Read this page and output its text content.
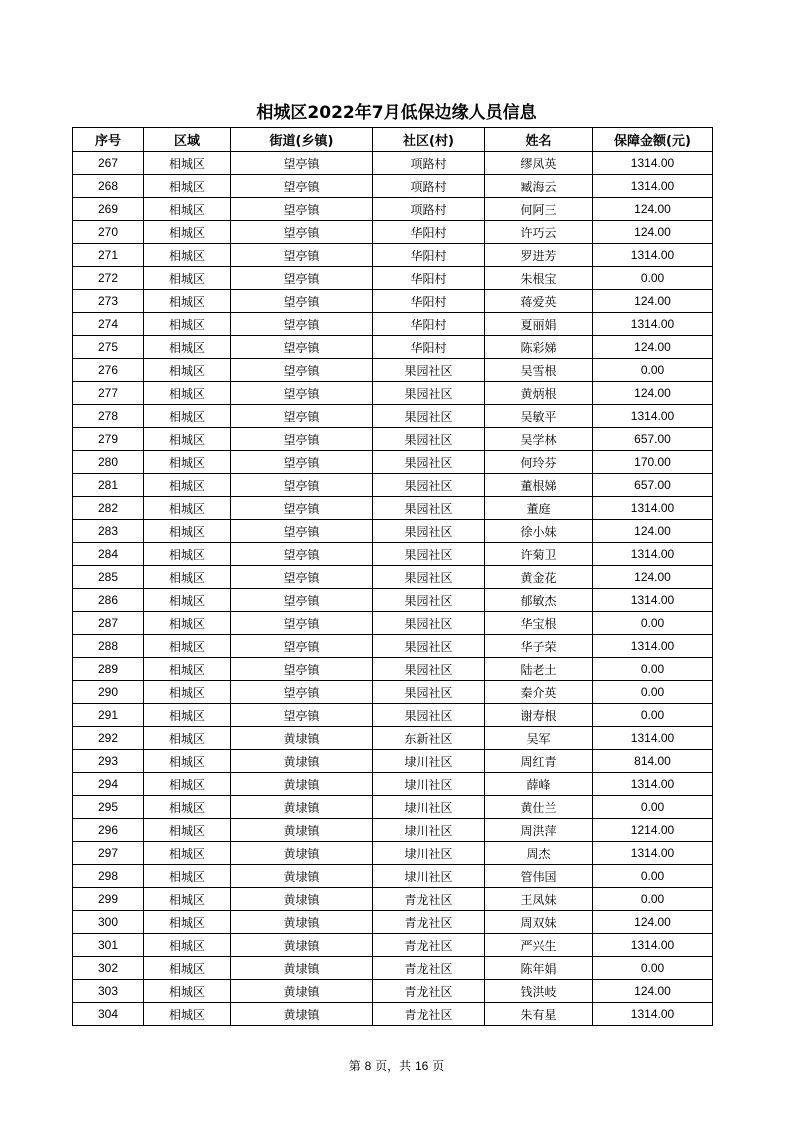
相城区2022年7月低保边缘人员信息
序号	区域	街道(乡镇)	社区(村)	姓名	保障金额(元)
267	相城区	望亭镇	项路村	缪凤英	1314.00
268	相城区	望亭镇	项路村	臧海云	1314.00
269	相城区	望亭镇	项路村	何阿三	124.00
270	相城区	望亭镇	华阳村	许巧云	124.00
271	相城区	望亭镇	华阳村	罗进芳	1314.00
272	相城区	望亭镇	华阳村	朱根宝	0.00
273	相城区	望亭镇	华阳村	蒋爱英	124.00
274	相城区	望亭镇	华阳村	夏丽娟	1314.00
275	相城区	望亭镇	华阳村	陈彩娣	124.00
276	相城区	望亭镇	果园社区	吴雪根	0.00
277	相城区	望亭镇	果园社区	黄炳根	124.00
278	相城区	望亭镇	果园社区	吴敏平	1314.00
279	相城区	望亭镇	果园社区	吴学林	657.00
280	相城区	望亭镇	果园社区	何玲芬	170.00
281	相城区	望亭镇	果园社区	董根娣	657.00
282	相城区	望亭镇	果园社区	董庭	1314.00
283	相城区	望亭镇	果园社区	徐小妹	124.00
284	相城区	望亭镇	果园社区	许菊卫	1314.00
285	相城区	望亭镇	果园社区	黄金花	124.00
286	相城区	望亭镇	果园社区	郁敏杰	1314.00
287	相城区	望亭镇	果园社区	华宝根	0.00
288	相城区	望亭镇	果园社区	华子荣	1314.00
289	相城区	望亭镇	果园社区	陆老土	0.00
290	相城区	望亭镇	果园社区	秦介英	0.00
291	相城区	望亭镇	果园社区	谢寿根	0.00
292	相城区	黄埭镇	东新社区	吴军	1314.00
293	相城区	黄埭镇	埭川社区	周红青	814.00
294	相城区	黄埭镇	埭川社区	薛峰	1314.00
295	相城区	黄埭镇	埭川社区	黄仕兰	0.00
296	相城区	黄埭镇	埭川社区	周洪萍	1214.00
297	相城区	黄埭镇	埭川社区	周杰	1314.00
298	相城区	黄埭镇	埭川社区	管伟国	0.00
299	相城区	黄埭镇	青龙社区	王凤妹	0.00
300	相城区	黄埭镇	青龙社区	周双妹	124.00
301	相城区	黄埭镇	青龙社区	严兴生	1314.00
302	相城区	黄埭镇	青龙社区	陈年娟	0.00
303	相城区	黄埭镇	青龙社区	钱洪岐	124.00
304	相城区	黄埭镇	青龙社区	朱有星	1314.00
第 8 页，共 16 页
